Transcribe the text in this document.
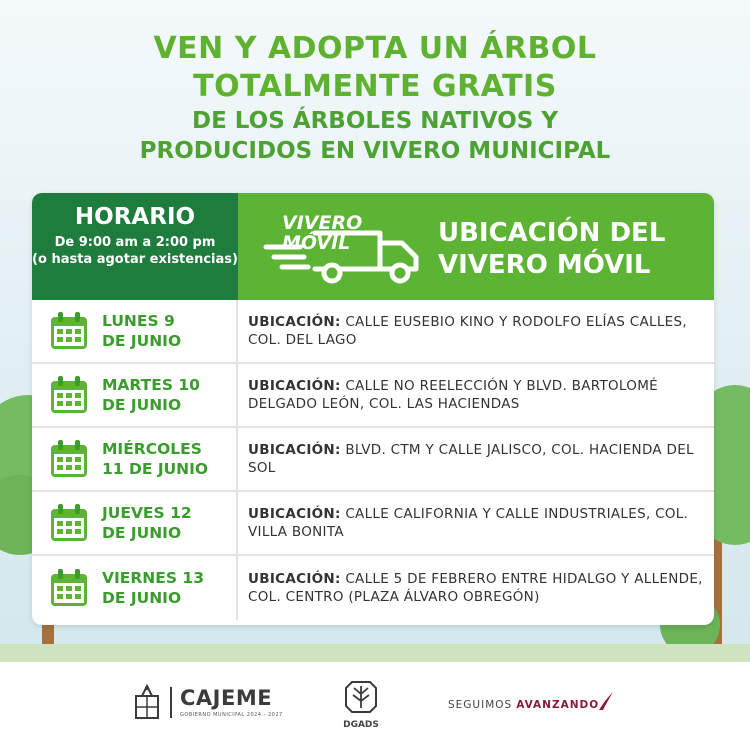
VEN Y ADOPTA UN ÁRBOL
TOTALMENTE GRATIS
DE LOS ÁRBOLES NATIVOS Y
PRODUCIDOS EN VIVERO MUNICIPAL
HORARIO
De 9:00 am a 2:00 pm
(o hasta agotar existencias)
VIVERO
MÓVIL	UBICACIÓN DEL
VIVERO MÓVIL
LUNES 9
DE JUNIO
UBICACIÓN: CALLE EUSEBIO KINO Y RODOLFO ELÍAS CALLES, COL. DEL LAGO
MARTES 10
DE JUNIO
UBICACIÓN: CALLE NO REELECCIÓN Y BLVD. BARTOLOMÉ DELGADO LEÓN, COL. LAS HACIENDAS
MIÉRCOLES
11 DE JUNIO
UBICACIÓN: BLVD. CTM Y CALLE JALISCO, COL. HACIENDA DEL SOL
JUEVES 12
DE JUNIO
UBICACIÓN: CALLE CALIFORNIA Y CALLE INDUSTRIALES, COL. VILLA BONITA
VIERNES 13
DE JUNIO
UBICACIÓN: CALLE 5 DE FEBRERO ENTRE HIDALGO Y ALLENDE, COL. CENTRO (PLAZA ÁLVARO OBREGÓN)
CAJEME
GOBIERNO MUNICIPAL 2024 - 2027
DGADS
SEGUIMOS AVANZANDO
